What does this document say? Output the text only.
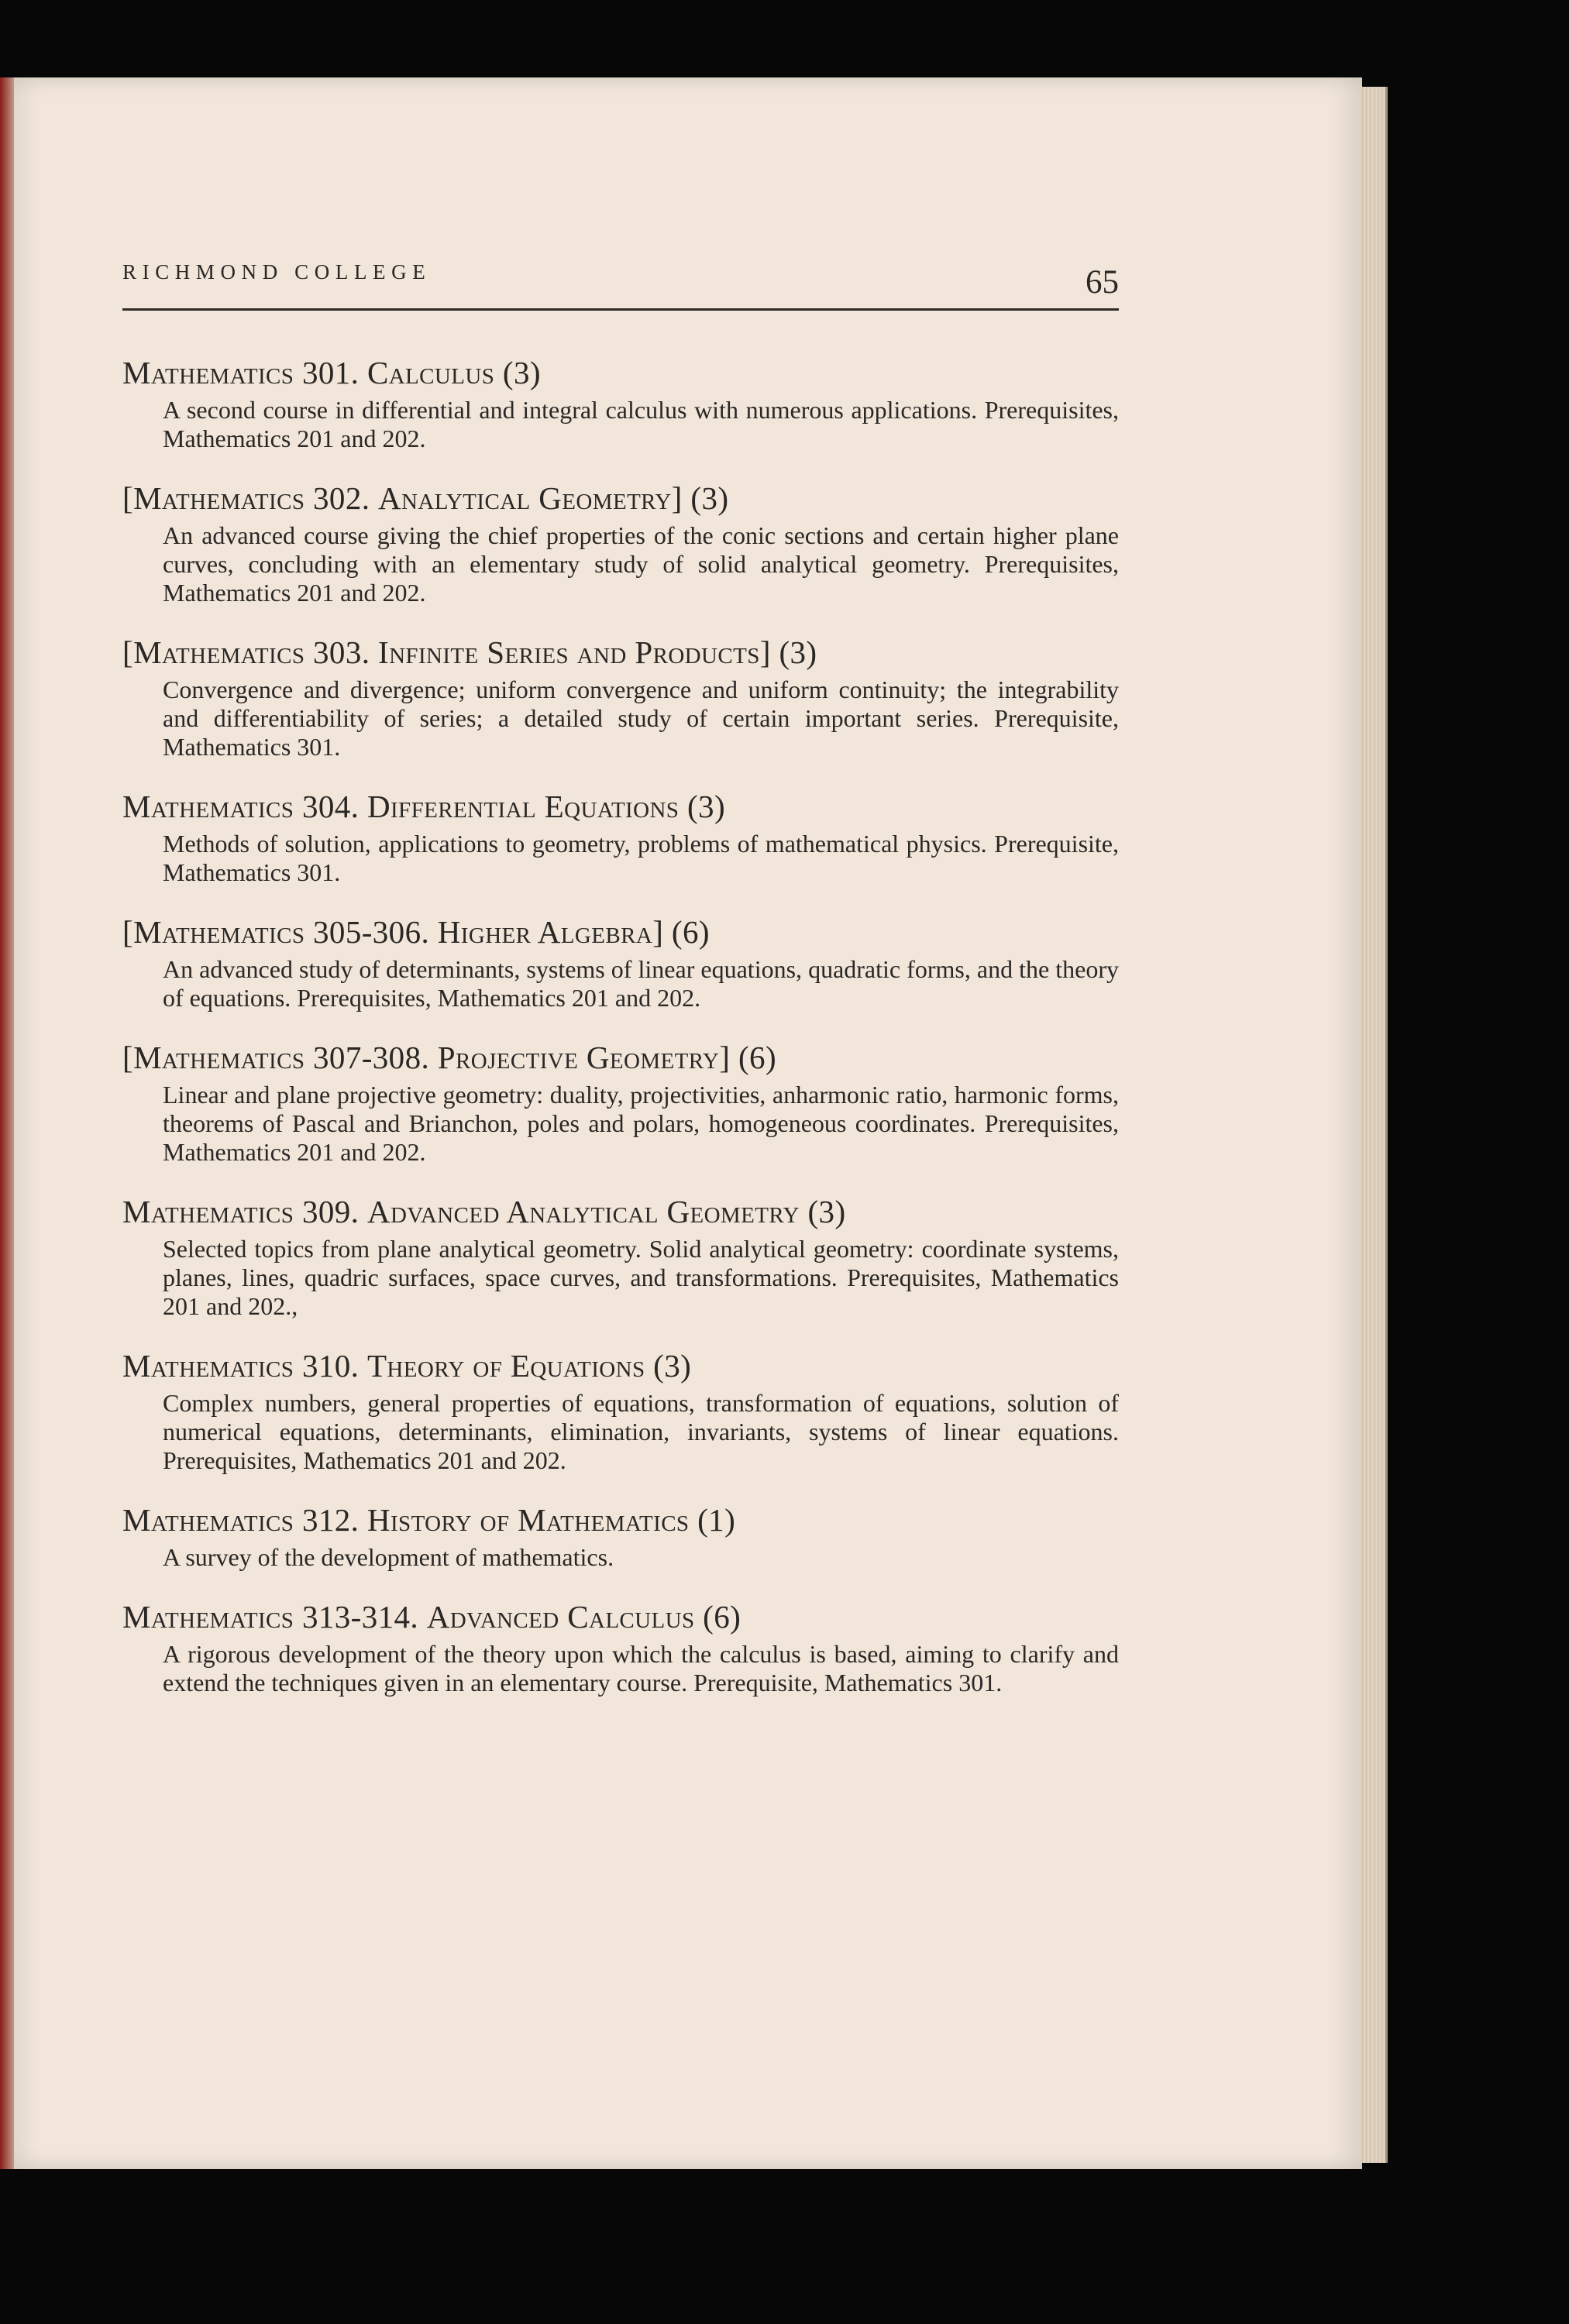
RICHMOND COLLEGE	65
Mathematics 301. Calculus (3)
A second course in differential and integral calculus with numerous applications. Prerequisites, Mathematics 201 and 202.
[Mathematics 302. Analytical Geometry] (3)
An advanced course giving the chief properties of the conic sections and certain higher plane curves, concluding with an elementary study of solid analytical geometry. Prerequisites, Mathematics 201 and 202.
[Mathematics 303. Infinite Series and Products] (3)
Convergence and divergence; uniform convergence and uniform continuity; the integrability and differentiability of series; a detailed study of certain important series. Prerequisite, Mathematics 301.
Mathematics 304. Differential Equations (3)
Methods of solution, applications to geometry, problems of mathematical physics. Prerequisite, Mathematics 301.
[Mathematics 305-306. Higher Algebra] (6)
An advanced study of determinants, systems of linear equations, quadratic forms, and the theory of equations. Prerequisites, Mathematics 201 and 202.
[Mathematics 307-308. Projective Geometry] (6)
Linear and plane projective geometry: duality, projectivities, anharmonic ratio, harmonic forms, theorems of Pascal and Brianchon, poles and polars, homogeneous coordinates. Prerequisites, Mathematics 201 and 202.
Mathematics 309. Advanced Analytical Geometry (3)
Selected topics from plane analytical geometry. Solid analytical geometry: coordinate systems, planes, lines, quadric surfaces, space curves, and transformations. Prerequisites, Mathematics 201 and 202.,
Mathematics 310. Theory of Equations (3)
Complex numbers, general properties of equations, transformation of equations, solution of numerical equations, determinants, elimination, invariants, systems of linear equations. Prerequisites, Mathematics 201 and 202.
Mathematics 312. History of Mathematics (1)
A survey of the development of mathematics.
Mathematics 313-314. Advanced Calculus (6)
A rigorous development of the theory upon which the calculus is based, aiming to clarify and extend the techniques given in an elementary course. Prerequisite, Mathematics 301.
